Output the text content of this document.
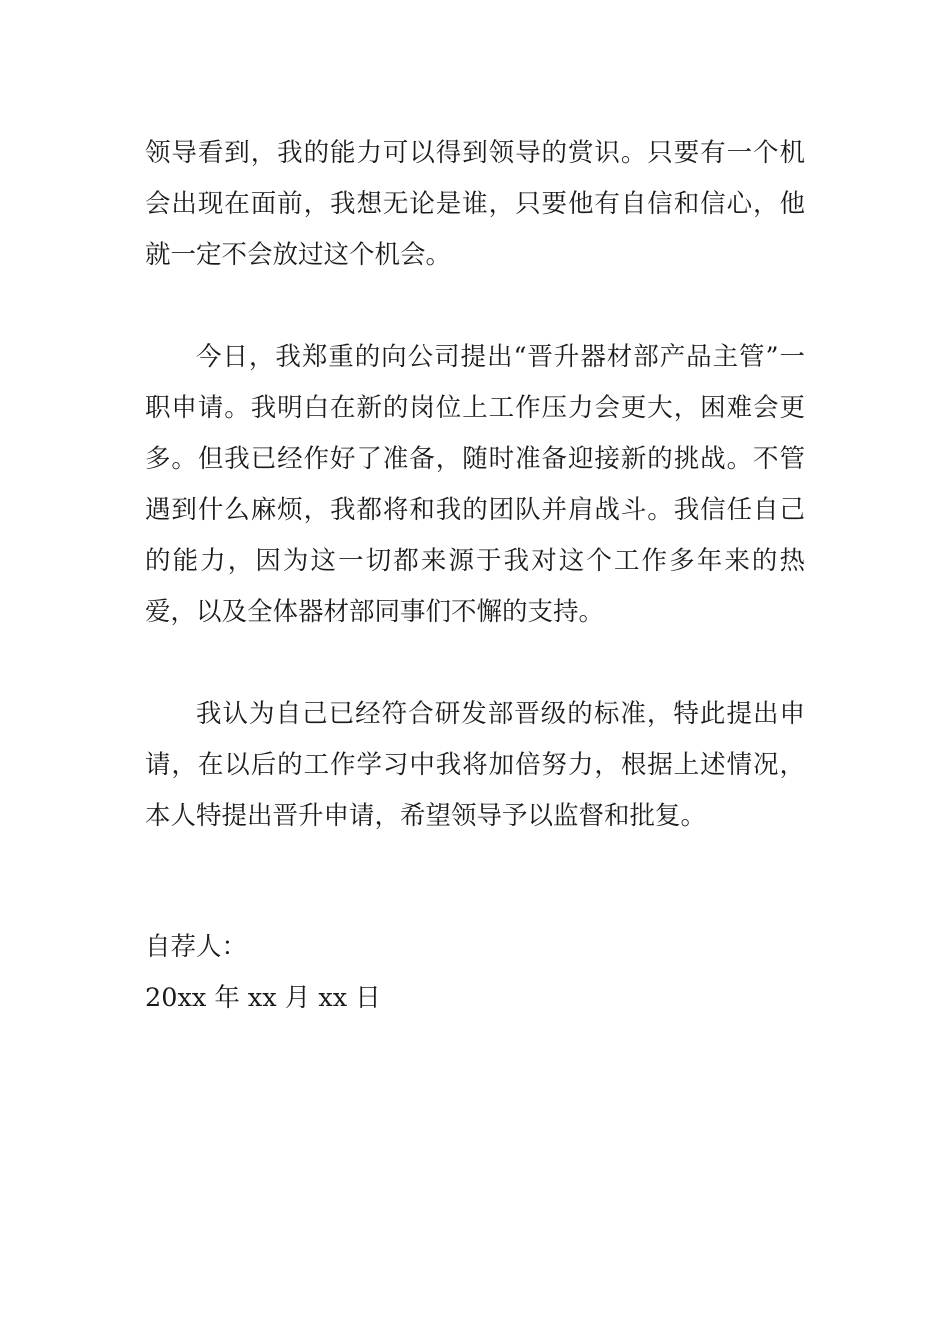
领导看到，我的能力可以得到领导的赏识。只要有一个机会出现在面前，我想无论是谁，只要他有自信和信心，他就一定不会放过这个机会。

今日，我郑重的向公司提出“晋升器材部产品主管”一职申请。我明白在新的岗位上工作压力会更大，困难会更多。但我已经作好了准备，随时准备迎接新的挑战。不管遇到什么麻烦，我都将和我的团队并肩战斗。我信任自己的能力，因为这一切都来源于我对这个工作多年来的热爱，以及全体器材部同事们不懈的支持。

我认为自己已经符合研发部晋级的标准，特此提出申请，在以后的工作学习中我将加倍努力，根据上述情况，本人特提出晋升申请，希望领导予以监督和批复。

自荐人：
20xx 年 xx 月 xx 日
